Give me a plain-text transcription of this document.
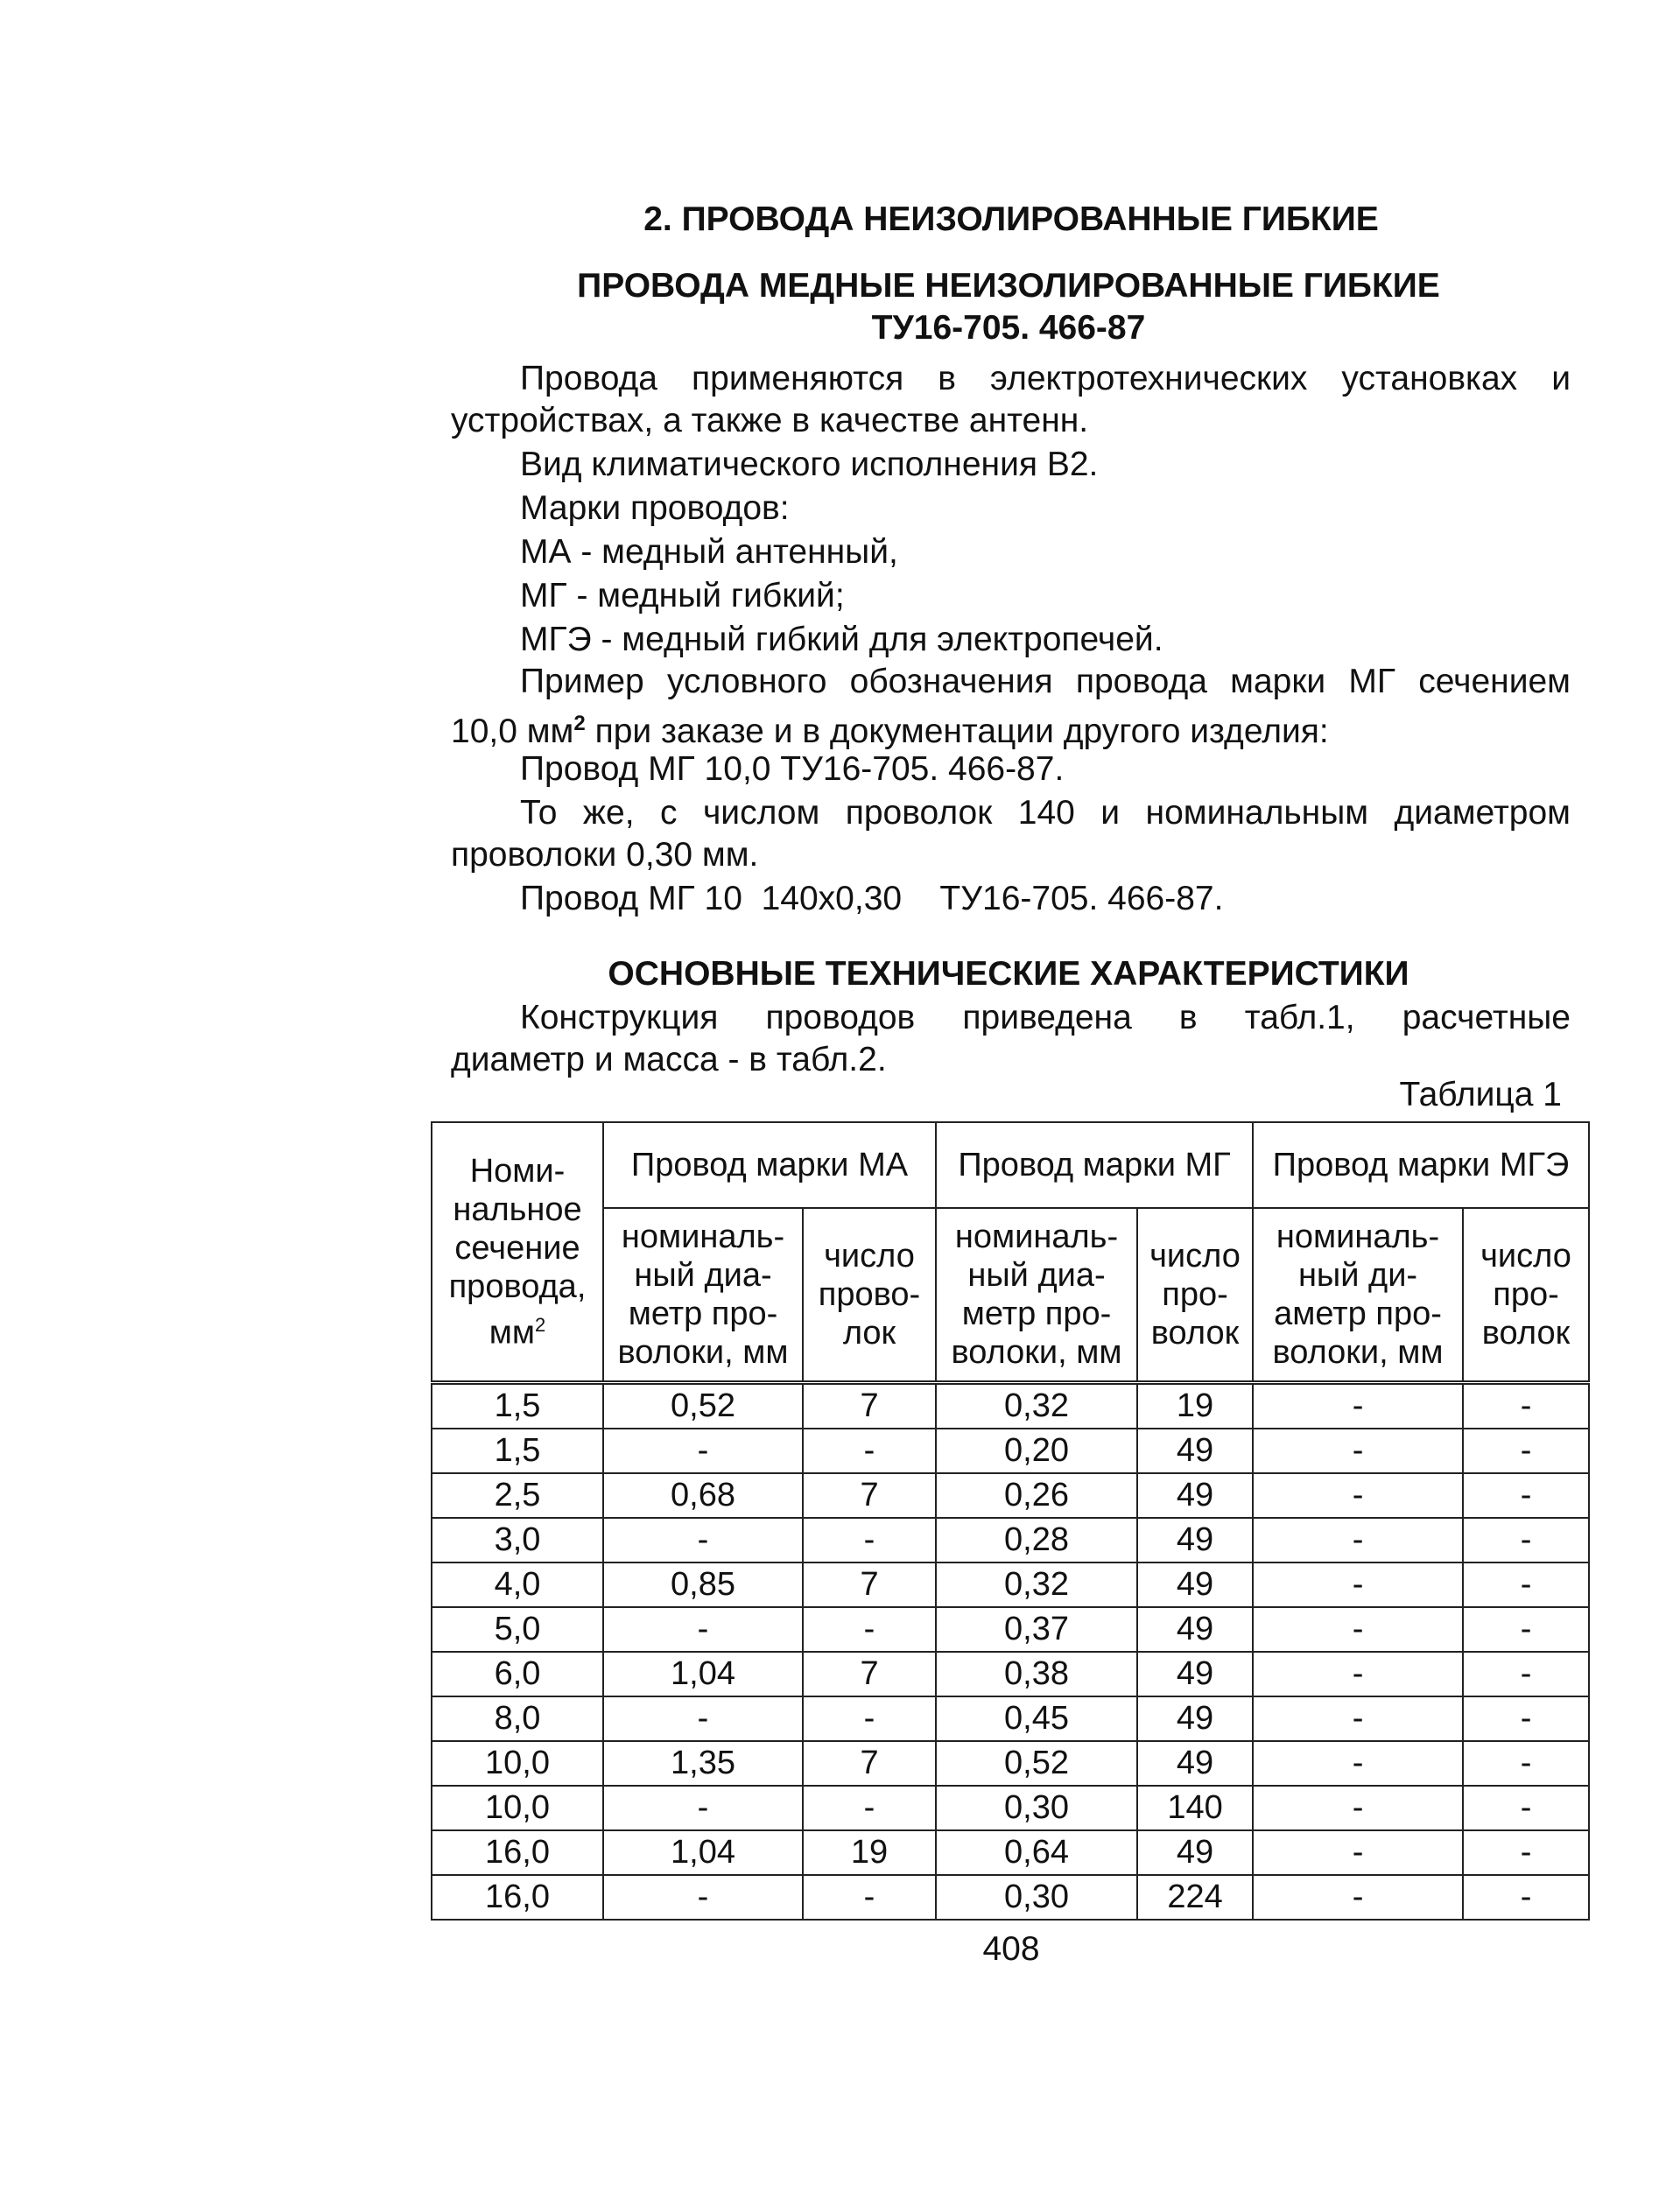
2. ПРОВОДА НЕИЗОЛИРОВАННЫЕ ГИБКИЕ
ПРОВОДА МЕДНЫЕ НЕИЗОЛИРОВАННЫЕ ГИБКИЕ
ТУ16-705. 466-87
Провода применяются в электротехнических установках и
устройствах, а также в качестве антенн.
Вид климатического исполнения В2.
Марки проводов:
МА - медный антенный,
МГ - медный гибкий;
МГЭ - медный гибкий для электропечей.
Пример условного обозначения провода марки МГ сечением
10,0 $мм^2$ при заказе и в документации другого изделия:
Провод МГ 10,0 ТУ16-705. 466-87.
То же, с числом проволок 140 и номинальным диаметром
проволоки 0,30 мм.
Провод МГ 10  140х0,30    ТУ16-705. 466-87.
ОСНОВНЫЕ ТЕХНИЧЕСКИЕ ХАРАКТЕРИСТИКИ
Конструкция проводов приведена в табл.1, расчетные
диаметр и масса - в табл.2.
Таблица 1
Номи-нальное сечение провода, $мм^2$	Провод марки МА		Провод марки МГ		Провод марки МГЭ	
	номиналь-ный диа-метр про-волоки, мм	число прово-лок	номиналь-ный диа-метр про-волоки, мм	число про-волок	номиналь-ный ди-аметр про-волоки, мм	число про-волок
1,5	0,52	7	0,32	19	-	-
1,5	-	-	0,20	49	-	-
2,5	0,68	7	0,26	49	-	-
3,0	-	-	0,28	49	-	-
4,0	0,85	7	0,32	49	-	-
5,0	-	-	0,37	49	-	-
6,0	1,04	7	0,38	49	-	-
8,0	-	-	0,45	49	-	-
10,0	1,35	7	0,52	49	-	-
10,0	-	-	0,30	140	-	-
16,0	1,04	19	0,64	49	-	-
16,0	-	-	0,30	224	-	-
408
